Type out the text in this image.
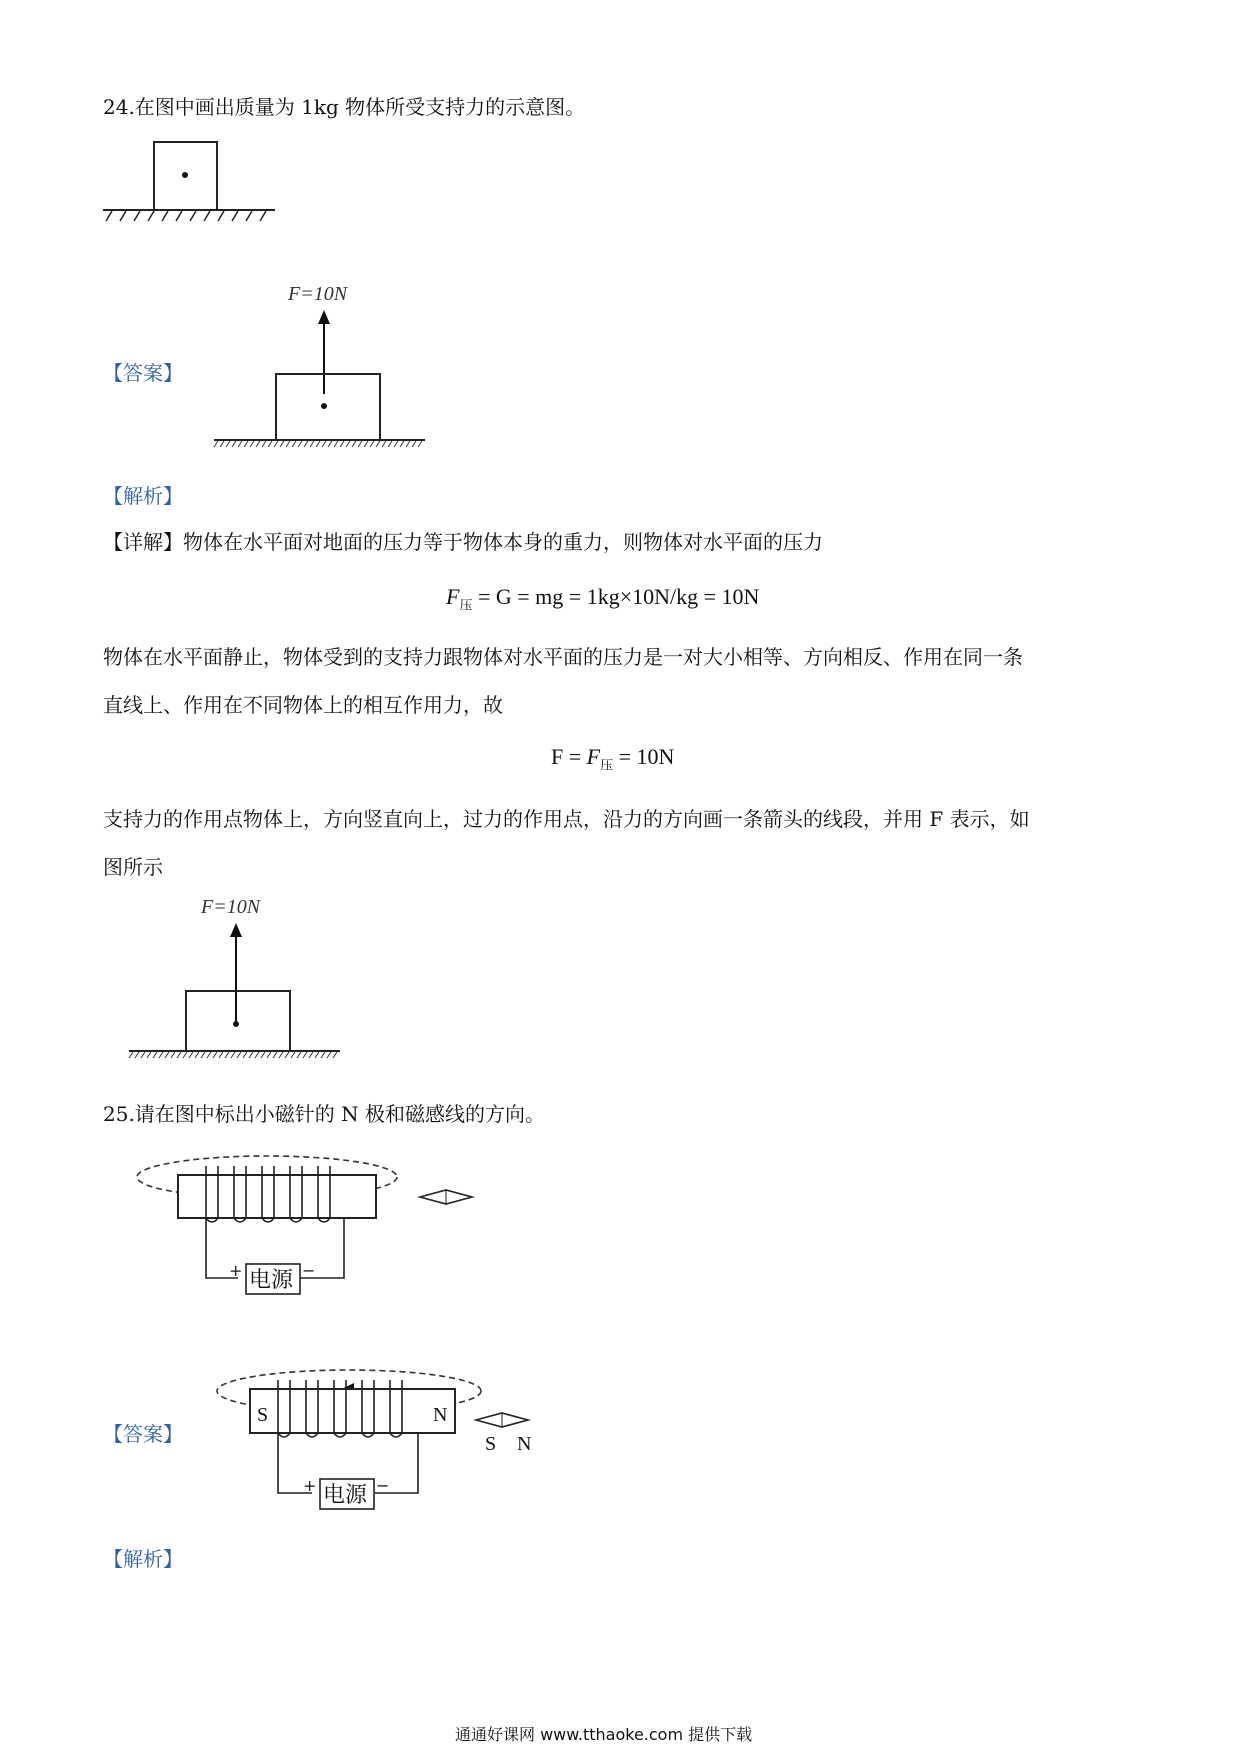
24.在图中画出质量为 1kg 物体所受支持力的示意图。
【答案】
F=10N
【解析】
【详解】物体在水平面对地面的压力等于物体本身的重力，则物体对水平面的压力
$F_压 = G$ = mg = 1kg×10N/kg = 10N
物体在水平面静止，物体受到的支持力跟物体对水平面的压力是一对大小相等、方向相反、作用在同一条
直线上、作用在不同物体上的相互作用力，故
$F = F_压 = 10N$
支持力的作用点物体上，方向竖直向上，过力的作用点，沿力的方向画一条箭头的线段，并用 F 表示，如
图所示
F=10N
25.请在图中标出小磁针的 N 极和磁感线的方向。
电源
+	−
【答案】
S	N
电源
+	−
S N
【解析】
通通好课网 www.tthaoke.com 提供下载
